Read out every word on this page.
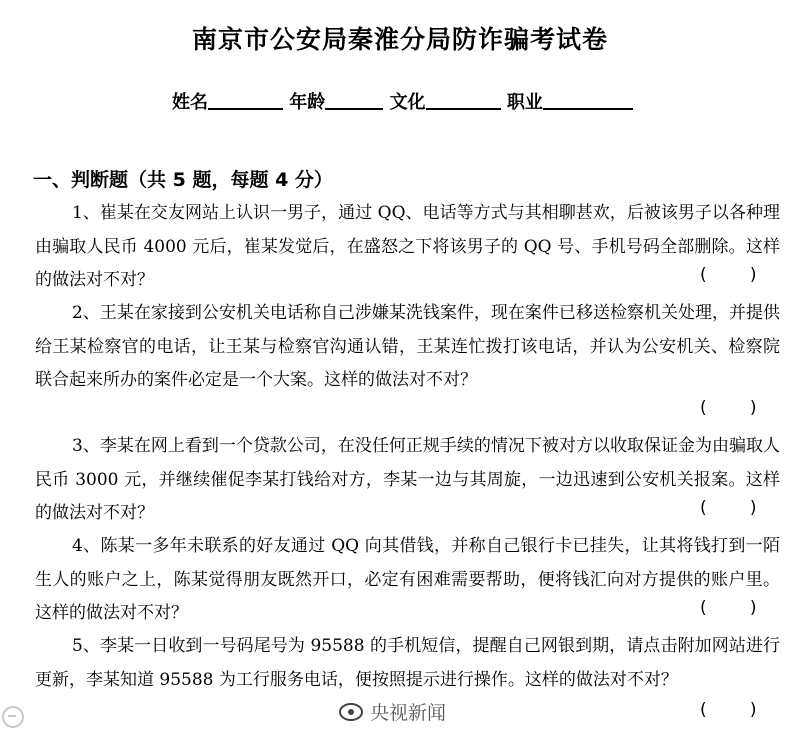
南京市公安局秦淮分局防诈骗考试卷
姓名	年龄	文化	职业
一、判断题（共 5 题，每题 4 分）
1、崔某在交友网站上认识一男子，通过 QQ、电话等方式与其相聊甚欢，后被该男子以各种理由骗取人民币 4000 元后，崔某发觉后，在盛怒之下将该男子的 QQ 号、手机号码全部删除。这样的做法对不对？	(        )
2、王某在家接到公安机关电话称自己涉嫌某洗钱案件，现在案件已移送检察机关处理，并提供给王某检察官的电话，让王某与检察官沟通认错，王某连忙拨打该电话，并认为公安机关、检察院联合起来所办的案件必定是一个大案。这样的做法对不对？
(        )
3、李某在网上看到一个贷款公司，在没任何正规手续的情况下被对方以收取保证金为由骗取人民币 3000 元，并继续催促李某打钱给对方，李某一边与其周旋，一边迅速到公安机关报案。这样的做法对不对？	(        )
4、陈某一多年未联系的好友通过 QQ 向其借钱，并称自己银行卡已挂失，让其将钱打到一陌生人的账户之上，陈某觉得朋友既然开口，必定有困难需要帮助，便将钱汇向对方提供的账户里。这样的做法对不对？	(        )
5、李某一日收到一号码尾号为 95588 的手机短信，提醒自己网银到期，请点击附加网站进行更新，李某知道 95588 为工行服务电话，便按照提示进行操作。这样的做法对不对？
(        )
央视新闻
